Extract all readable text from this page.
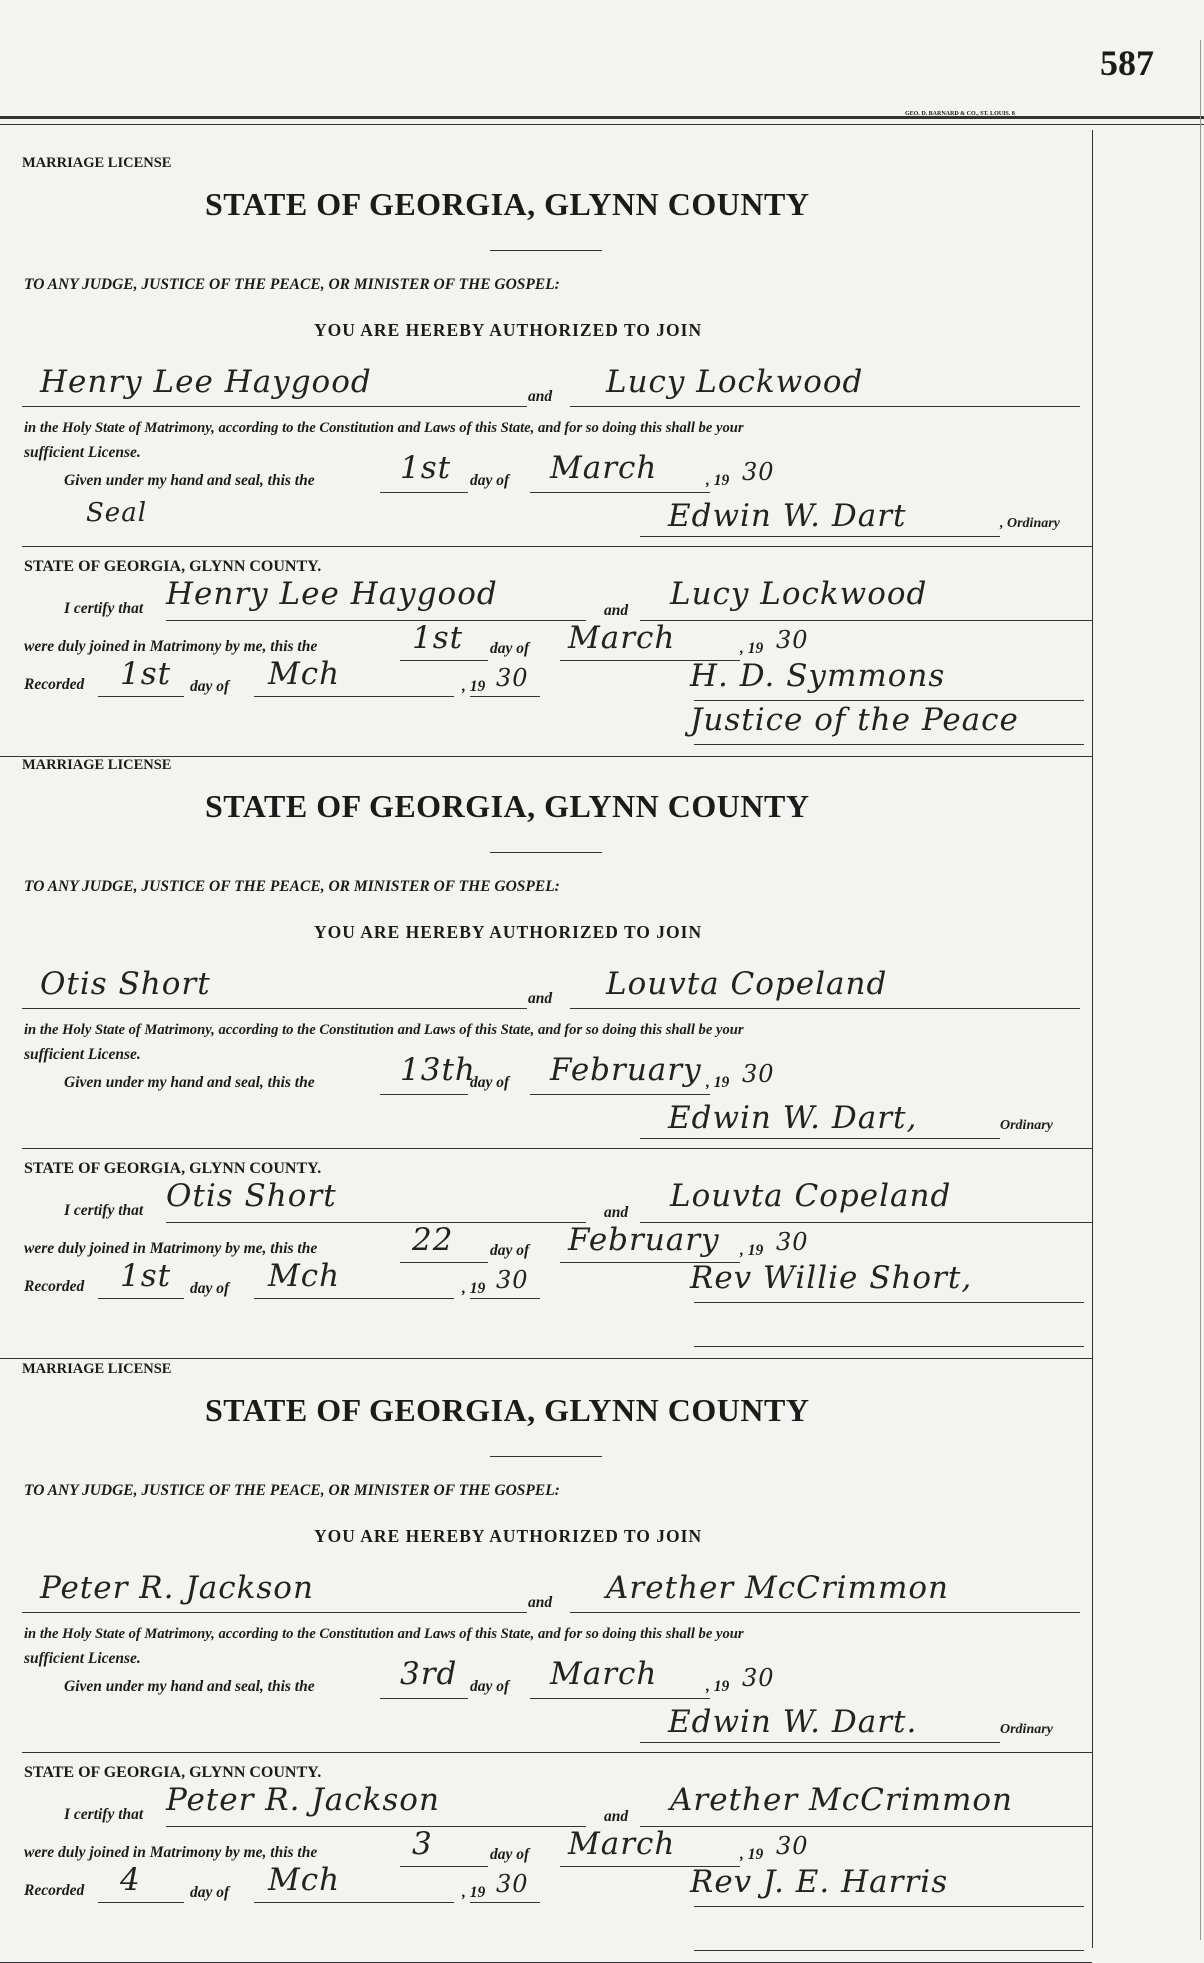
587
GEO. D. BARNARD & CO., ST. LOUIS. 8
MARRIAGE LICENSE
STATE OF GEORGIA, GLYNN COUNTY
TO ANY JUDGE, JUSTICE OF THE PEACE, OR MINISTER OF THE GOSPEL:
YOU ARE HEREBY AUTHORIZED TO JOIN
Henry Lee Haygood	and Lucy Lockwood
in the Holy State of Matrimony, according to the Constitution and Laws of this State, and for so doing this shall be your
sufficient License.
Given under my hand and seal, this the	1st day of March	, 19 30
Seal	Edwin W. Dart	, Ordinary
STATE OF GEORGIA, GLYNN COUNTY.
I certify that Henry Lee Haygood	and Lucy Lockwood
were duly joined in Matrimony by me, this the	1st day of March	, 19 30
Recorded 1st day of Mch	, 19 30	H. D. Symmons
Justice of the Peace
MARRIAGE LICENSE
STATE OF GEORGIA, GLYNN COUNTY
TO ANY JUDGE, JUSTICE OF THE PEACE, OR MINISTER OF THE GOSPEL:
YOU ARE HEREBY AUTHORIZED TO JOIN
Otis Short	and Louvta Copeland
in the Holy State of Matrimony, according to the Constitution and Laws of this State, and for so doing this shall be your
sufficient License.
Given under my hand and seal, this the	13th
day of February , 19 30
Edwin W. Dart,	Ordinary
STATE OF GEORGIA, GLYNN COUNTY.
I certify that Otis Short	and Louvta Copeland
were duly joined in Matrimony by me, this the	22 day of February , 19 30
Recorded 1st day of Mch	, 19 30	Rev Willie Short,
MARRIAGE LICENSE
STATE OF GEORGIA, GLYNN COUNTY
TO ANY JUDGE, JUSTICE OF THE PEACE, OR MINISTER OF THE GOSPEL:
YOU ARE HEREBY AUTHORIZED TO JOIN
Peter R. Jackson	and Arether McCrimmon
in the Holy State of Matrimony, according to the Constitution and Laws of this State, and for so doing this shall be your
sufficient License.
Given under my hand and seal, this the	3rd day of March	, 19 30
Edwin W. Dart.	Ordinary
STATE OF GEORGIA, GLYNN COUNTY.
I certify that Peter R. Jackson	and Arether McCrimmon
were duly joined in Matrimony by me, this the	3	day of March	, 19 30
Recorded 4	day of Mch	, 19 30	Rev J. E. Harris
